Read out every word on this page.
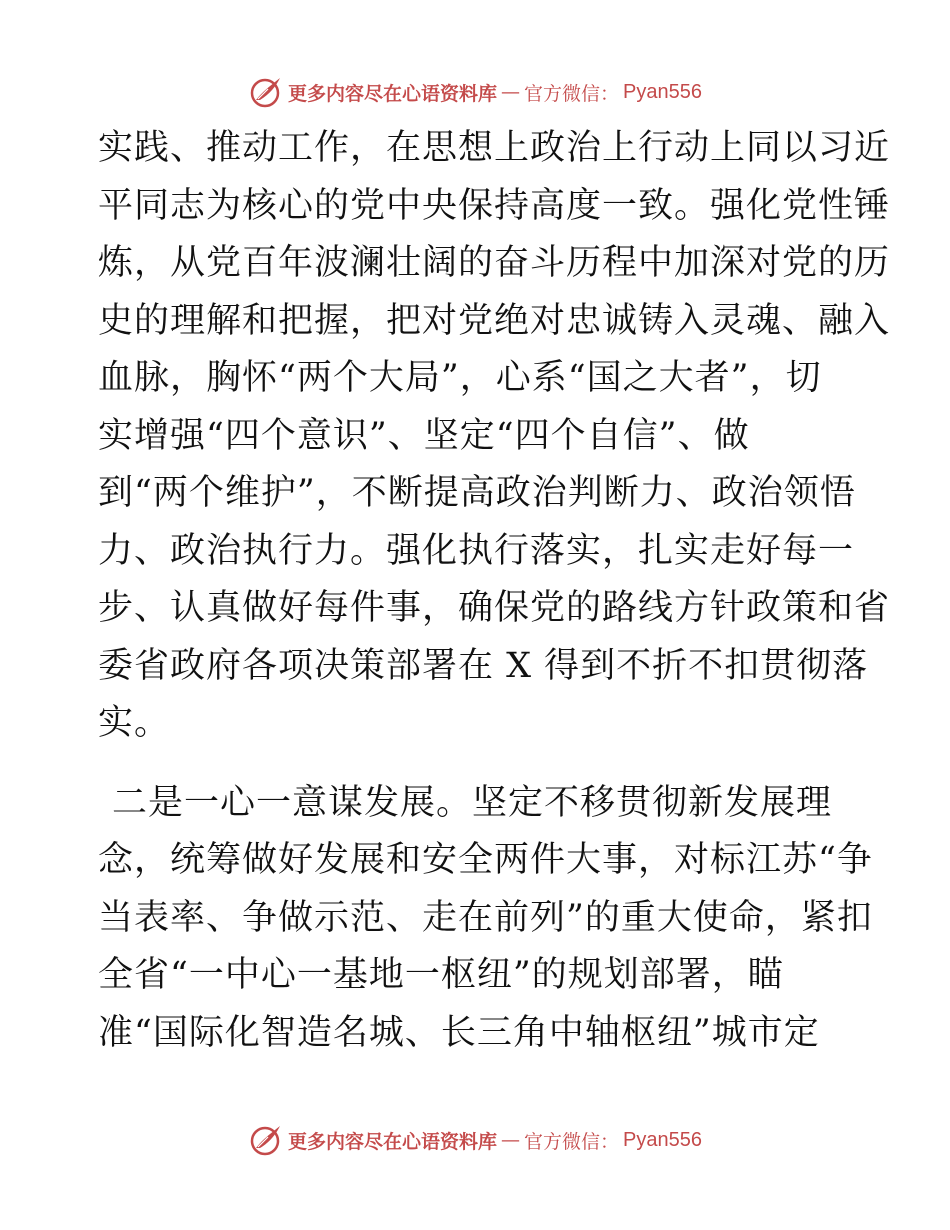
更多内容尽在心语资料库 — 官方微信： Pyan556
实践、推动工作，在思想上政治上行动上同以习近
平同志为核心的党中央保持高度一致。强化党性锤
炼，从党百年波澜壮阔的奋斗历程中加深对党的历
史的理解和把握，把对党绝对忠诚铸入灵魂、融入
血脉，胸怀“两个大局”，心系“国之大者”，切
实增强“四个意识”、坚定“四个自信”、做
到“两个维护”，不断提高政治判断力、政治领悟
力、政治执行力。强化执行落实，扎实走好每一
步、认真做好每件事，确保党的路线方针政策和省
委省政府各项决策部署在 X 得到不折不扣贯彻落
实。
二是一心一意谋发展。坚定不移贯彻新发展理
念，统筹做好发展和安全两件大事，对标江苏“争
当表率、争做示范、走在前列”的重大使命，紧扣
全省“一中心一基地一枢纽”的规划部署，瞄
准“国际化智造名城、长三角中轴枢纽”城市定
更多内容尽在心语资料库 — 官方微信： Pyan556
